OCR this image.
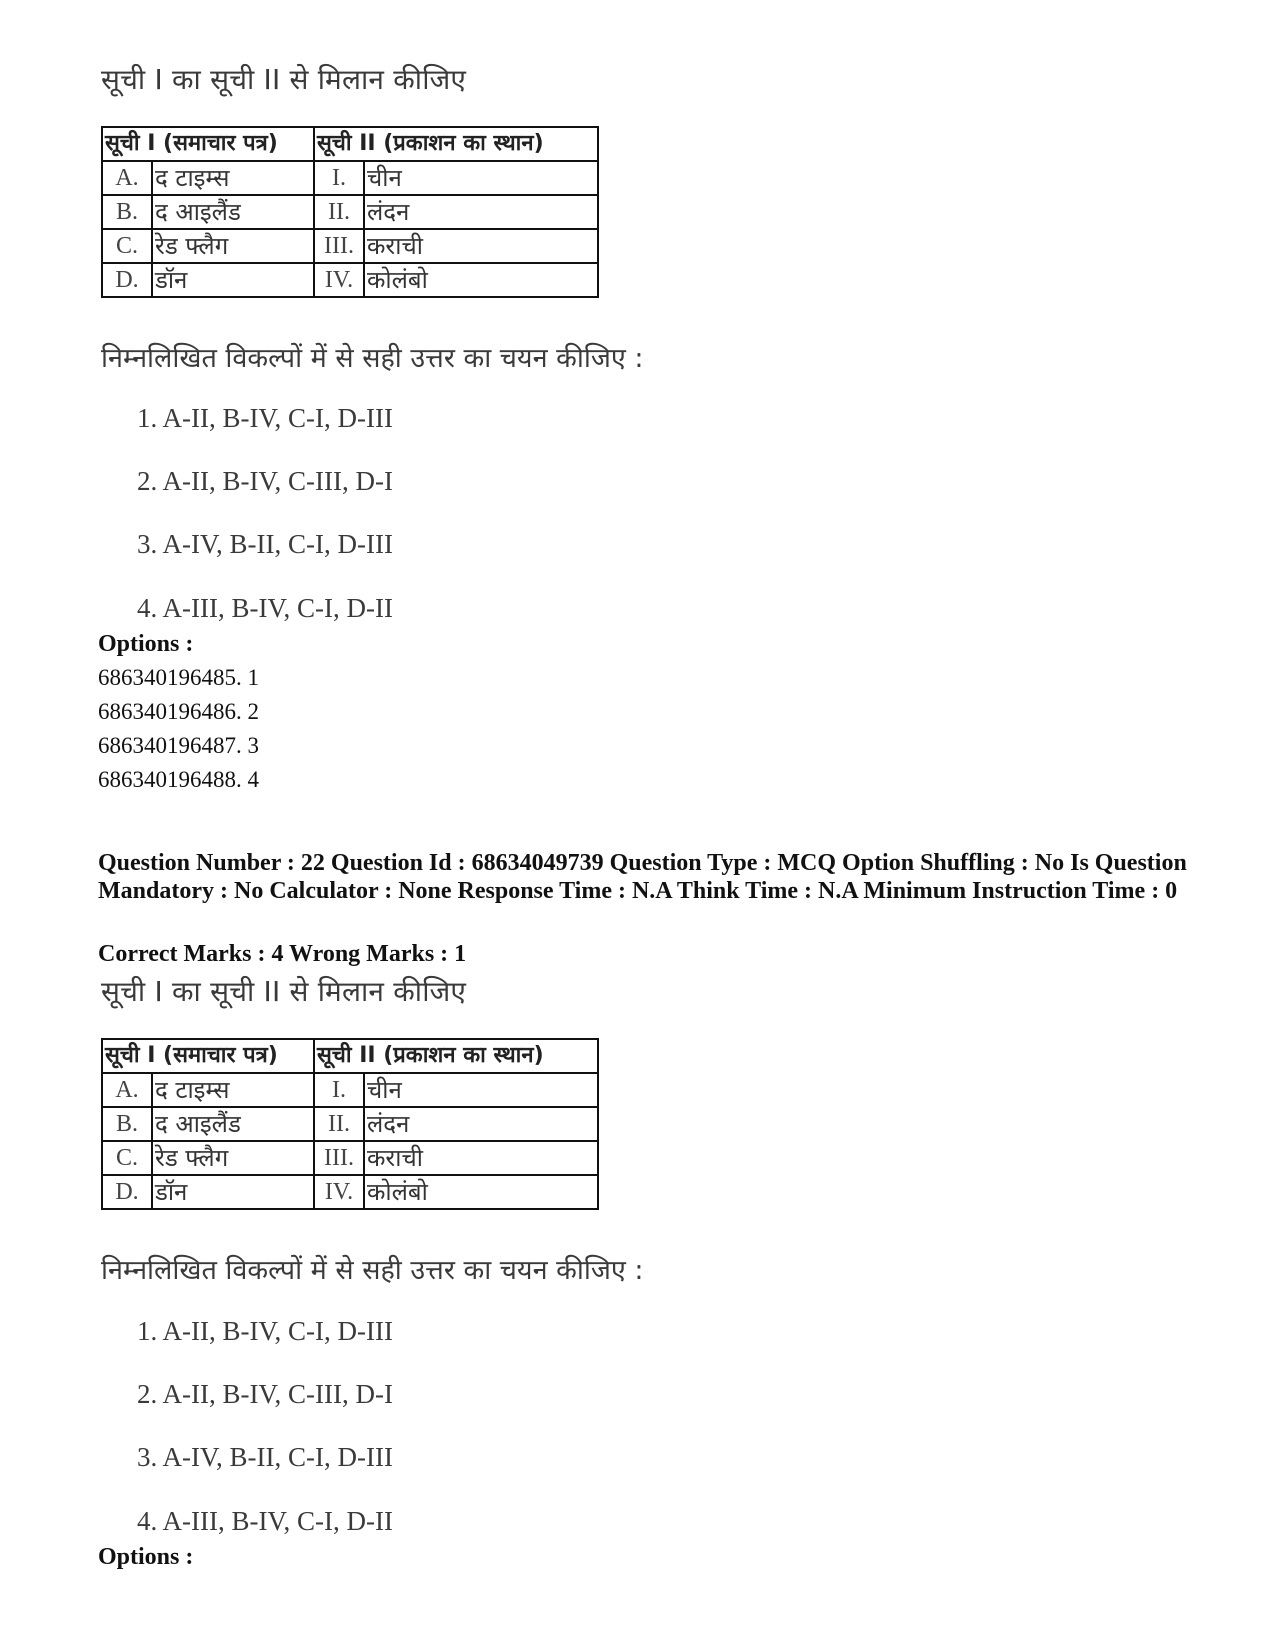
सूची I का सूची II से मिलान कीजिए
सूची I (समाचार पत्र)		सूची II (प्रकाशन का स्थान)	
A.	द टाइम्स	I.	चीन
B.	द आइलैंड	II.	लंदन
C.	रेड फ्लैग	III.	कराची
D.	डॉन	IV.	कोलंबो
निम्नलिखित विकल्पों में से सही उत्तर का चयन कीजिए :
1. A-II, B-IV, C-I, D-III
2. A-II, B-IV, C-III, D-I
3. A-IV, B-II, C-I, D-III
4. A-III, B-IV, C-I, D-II
Options :
686340196485. 1
686340196486. 2
686340196487. 3
686340196488. 4
Question Number : 22 Question Id : 68634049739 Question Type : MCQ Option Shuffling : No Is Question Mandatory : No Calculator : None Response Time : N.A Think Time : N.A Minimum Instruction Time : 0
Correct Marks : 4 Wrong Marks : 1
सूची I का सूची II से मिलान कीजिए
सूची I (समाचार पत्र)		सूची II (प्रकाशन का स्थान)	
A.	द टाइम्स	I.	चीन
B.	द आइलैंड	II.	लंदन
C.	रेड फ्लैग	III.	कराची
D.	डॉन	IV.	कोलंबो
निम्नलिखित विकल्पों में से सही उत्तर का चयन कीजिए :
1. A-II, B-IV, C-I, D-III
2. A-II, B-IV, C-III, D-I
3. A-IV, B-II, C-I, D-III
4. A-III, B-IV, C-I, D-II
Options :
